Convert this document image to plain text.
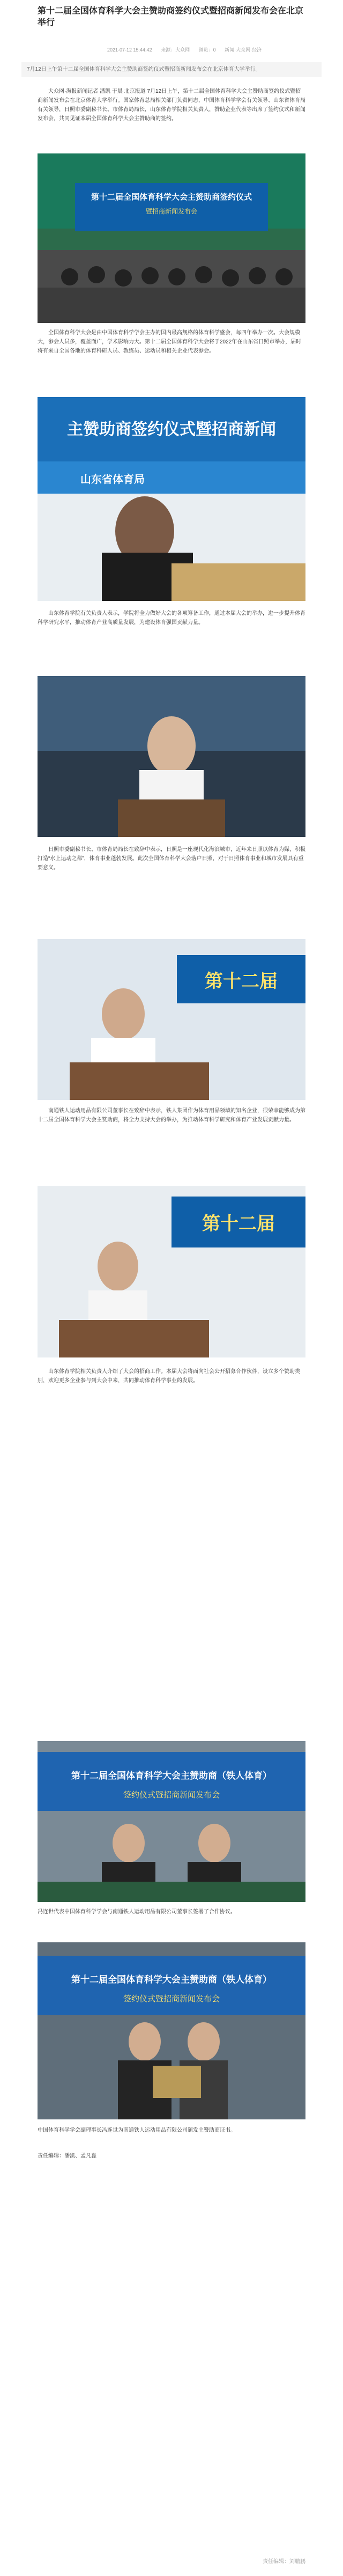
第十二届全国体育科学大会主赞助商签约仪式暨招商新闻发布会在北京举行
2021-07-12 15:44:42 来源：大众网 浏览：0 新闻·大众网·经济
7月12日上午第十二届全国体育科学大会主赞助商签约仪式暨招商新闻发布会在北京体育大学举行。

大众网·海报新闻记者 潘凯 于晨 北京报道 7月12日上午，第十二届全国体育科学大会主赞助商签约仪式暨招商新闻发布会在北京体育大学举行。国家体育总局相关部门负责同志，中国体育科学学会有关领导、山东省体育局有关领导，日照市委副秘书长、市体育局局长，山东体育学院相关负责人，赞助企业代表等出席了签约仪式和新闻发布会，共同见证本届全国体育科学大会主赞助商的签约。

第十二届全国体育科学大会主赞助商签约仪式
暨招商新闻发布会

全国体育科学大会是由中国体育科学学会主办的国内最高规格的体育科学盛会，每四年举办一次。大会规模大，参会人员多，覆盖面广，学术影响力大。第十二届全国体育科学大会将于2022年在山东省日照市举办，届时将有来自全国各地的体育科研人员、教练员、运动员和相关企业代表参会。

主赞助商签约仪式暨招商新闻
山东省体育局

山东体育学院有关负责人表示，学院将全力做好大会的各项筹备工作，通过本届大会的举办，进一步提升体育科学研究水平，推动体育产业高质量发展，为建设体育强国贡献力量。

日照市委副秘书长、市体育局局长在致辞中表示，日照是一座现代化海滨城市，近年来日照以体育为媒，积极打造“水上运动之都”，体育事业蓬勃发展。此次全国体育科学大会落户日照，对于日照体育事业和城市发展具有重要意义。

第十二届

南通铁人运动用品有限公司董事长在致辞中表示，铁人集团作为体育用品领域的知名企业，很荣幸能够成为第十二届全国体育科学大会主赞助商，将全力支持大会的举办，为推动体育科学研究和体育产业发展贡献力量。

第十二届

山东体育学院相关负责人介绍了大会的招商工作。本届大会将面向社会公开招募合作伙伴，设立多个赞助类别，欢迎更多企业参与到大会中来，共同推动体育科学事业的发展。

第十二届全国体育科学大会主赞助商（铁人体育）
签约仪式暨招商新闻发布会

冯连世代表中国体育科学学会与南通铁人运动用品有限公司董事长签署了合作协议。

第十二届全国体育科学大会主赞助商（铁人体育）
签约仪式暨招商新闻发布会

中国体育科学学会副理事长冯连世为南通铁人运动用品有限公司颁发主赞助商证书。

责任编辑：潘凯、孟凡淼

责任编辑：刘鹏鹏
